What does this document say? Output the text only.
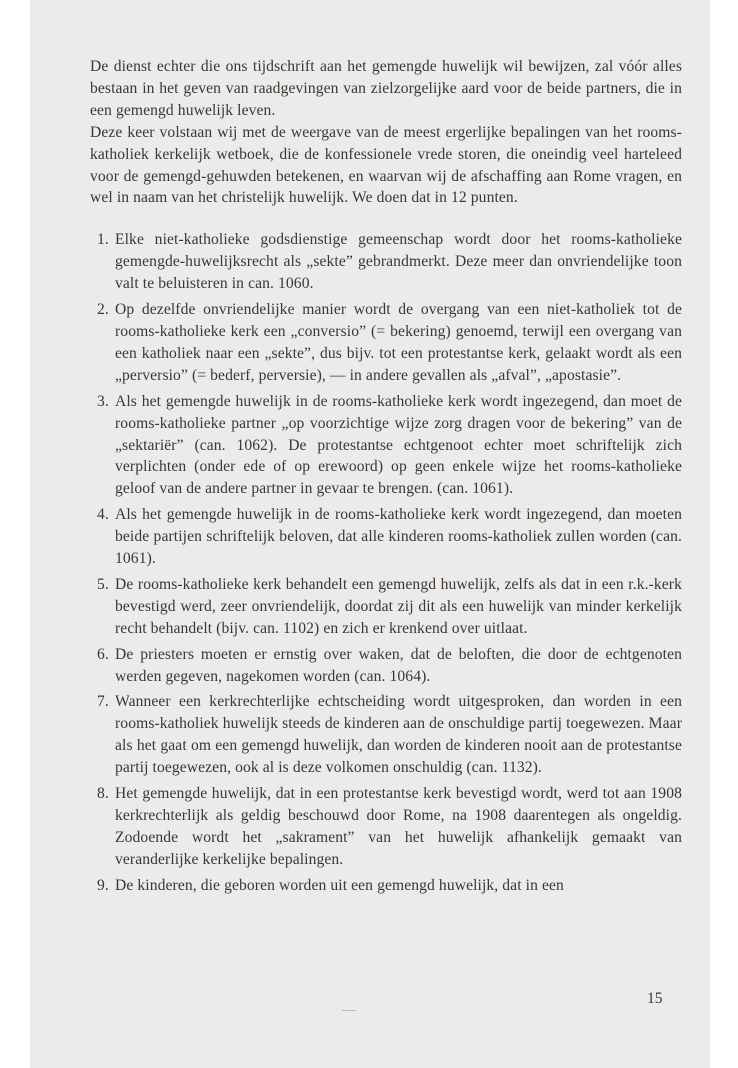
De dienst echter die ons tijdschrift aan het gemengde huwelijk wil bewijzen, zal vóór alles bestaan in het geven van raadgevingen van zielzorgelijke aard voor de beide partners, die in een gemengd huwelijk leven.

Deze keer volstaan wij met de weergave van de meest ergerlijke bepalingen van het rooms-katholiek kerkelijk wetboek, die de konfessionele vrede storen, die oneindig veel harteleed voor de gemengd-gehuwden betekenen, en waarvan wij de afschaffing aan Rome vragen, en wel in naam van het christelijk huwelijk. We doen dat in 12 punten.

1. Elke niet-katholieke godsdienstige gemeenschap wordt door het rooms-katholieke gemengde-huwelijksrecht als „sekte” gebrandmerkt. Deze meer dan onvriendelijke toon valt te beluisteren in can. 1060.
2. Op dezelfde onvriendelijke manier wordt de overgang van een niet-katholiek tot de rooms-katholieke kerk een „conversio” (= bekering) genoemd, terwijl een overgang van een katholiek naar een „sekte”, dus bijv. tot een protestantse kerk, gelaakt wordt als een „perversio” (= bederf, perversie), — in andere gevallen als „afval”, „apostasie”.
3. Als het gemengde huwelijk in de rooms-katholieke kerk wordt ingezegend, dan moet de rooms-katholieke partner „op voorzichtige wijze zorg dragen voor de bekering” van de „sektariër” (can. 1062). De protestantse echtgenoot echter moet schriftelijk zich verplichten (onder ede of op erewoord) op geen enkele wijze het rooms-katholieke geloof van de andere partner in gevaar te brengen. (can. 1061).
4. Als het gemengde huwelijk in de rooms-katholieke kerk wordt ingezegend, dan moeten beide partijen schriftelijk beloven, dat alle kinderen rooms-katholiek zullen worden (can. 1061).
5. De rooms-katholieke kerk behandelt een gemengd huwelijk, zelfs als dat in een r.k.-kerk bevestigd werd, zeer onvriendelijk, doordat zij dit als een huwelijk van minder kerkelijk recht behandelt (bijv. can. 1102) en zich er krenkend over uitlaat.
6. De priesters moeten er ernstig over waken, dat de beloften, die door de echtgenoten werden gegeven, nagekomen worden (can. 1064).
7. Wanneer een kerkrechterlijke echtscheiding wordt uitgesproken, dan worden in een rooms-katholiek huwelijk steeds de kinderen aan de onschuldige partij toegewezen. Maar als het gaat om een gemengd huwelijk, dan worden de kinderen nooit aan de protestantse partij toegewezen, ook al is deze volkomen onschuldig (can. 1132).
8. Het gemengde huwelijk, dat in een protestantse kerk bevestigd wordt, werd tot aan 1908 kerkrechterlijk als geldig beschouwd door Rome, na 1908 daarentegen als ongeldig. Zodoende wordt het „sakrament” van het huwelijk afhankelijk gemaakt van veranderlijke kerkelijke bepalingen.
9. De kinderen, die geboren worden uit een gemengd huwelijk, dat in een
15
